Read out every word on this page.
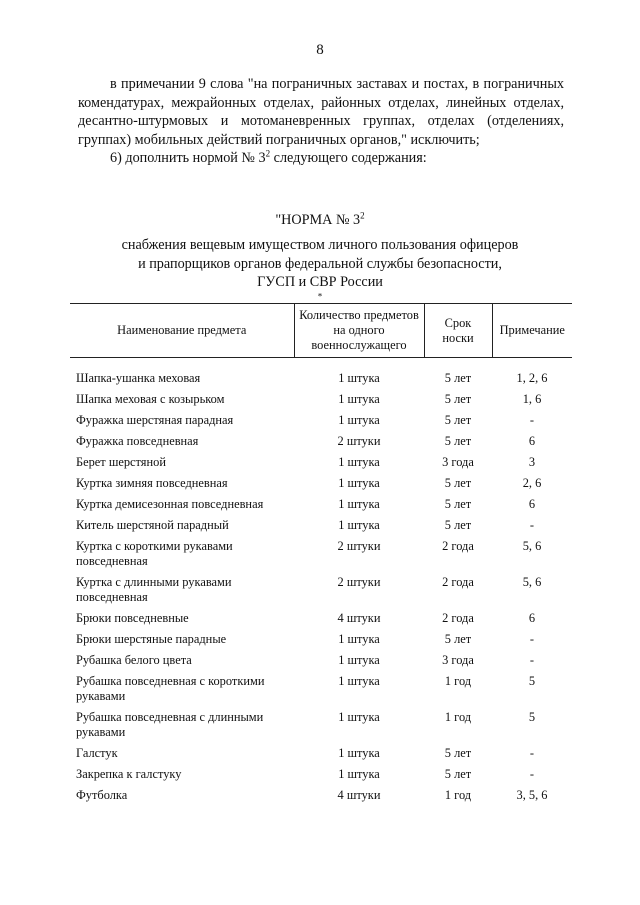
8

в примечании 9 слова "на пограничных заставах и постах, в пограничных комендатурах, межрайонных отделах, районных отделах, линейных отделах, десантно-штурмовых и мотоманевренных группах, отделах (отделениях, группах) мобильных действий пограничных органов," исключить;

6) дополнить нормой № $3^2$ следующего содержания:

"НОРМА № $3^2$
снабжения вещевым имуществом личного пользования офицеров
и прапорщиков органов федеральной службы безопасности,
ГУСП и СВР России
*
Наименование предмета	Количество предметов на одного военнослужащего	Срок носки	Примечание

Шапка-ушанка меховая	1 штука	5 лет	1, 2, 6
Шапка меховая с козырьком	1 штука	5 лет	1, 6
Фуражка шерстяная парадная	1 штука	5 лет	-
Фуражка повседневная	2 штуки	5 лет	6
Берет шерстяной	1 штука	3 года	3
Куртка зимняя повседневная	1 штука	5 лет	2, 6
Куртка демисезонная повседневная	1 штука	5 лет	6
Китель шерстяной парадный	1 штука	5 лет	-
Куртка с короткими рукавами повседневная	2 штуки	2 года	5, 6
Куртка с длинными рукавами повседневная	2 штуки	2 года	5, 6
Брюки повседневные	4 штуки	2 года	6
Брюки шерстяные парадные	1 штука	5 лет	-
Рубашка белого цвета	1 штука	3 года	-
Рубашка повседневная с короткими рукавами	1 штука	1 год	5
Рубашка повседневная с длинными рукавами	1 штука	1 год	5
Галстук	1 штука	5 лет	-
Закрепка к галстуку	1 штука	5 лет	-
Футболка	4 штуки	1 год	3, 5, 6
